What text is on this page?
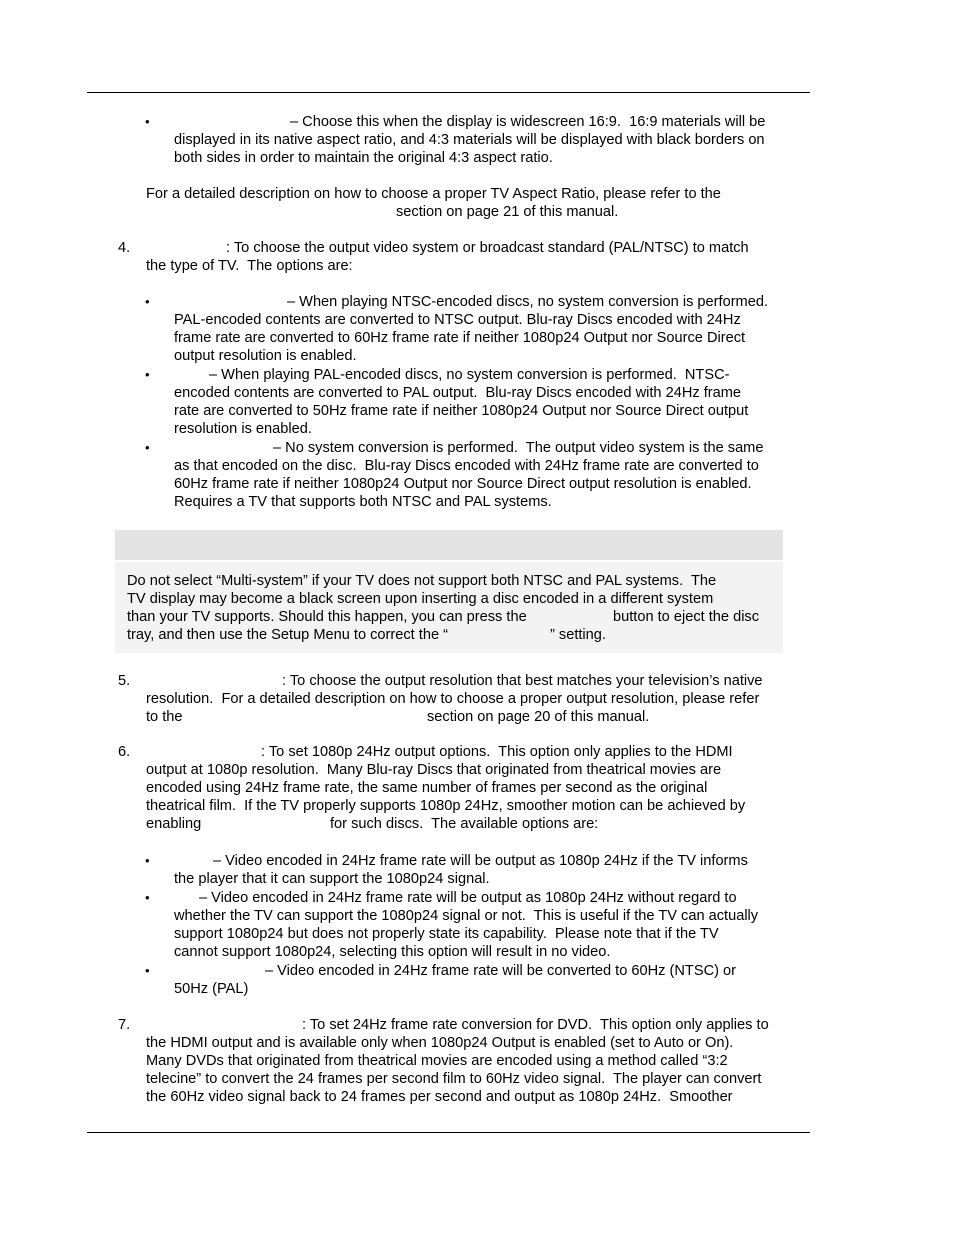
•	– Choose this when the display is widescreen 16:9.  16:9 materials will be
displayed in its native aspect ratio, and 4:3 materials will be displayed with black borders on
both sides in order to maintain the original 4:3 aspect ratio.
For a detailed description on how to choose a proper TV Aspect Ratio, please refer to the
section on page 21 of this manual.
4.	: To choose the output video system or broadcast standard (PAL/NTSC) to match
the type of TV.  The options are:
•	– When playing NTSC-encoded discs, no system conversion is performed.
PAL-encoded contents are converted to NTSC output. Blu-ray Discs encoded with 24Hz
frame rate are converted to 60Hz frame rate if neither 1080p24 Output nor Source Direct
output resolution is enabled.
•	– When playing PAL-encoded discs, no system conversion is performed.  NTSC-
encoded contents are converted to PAL output.  Blu-ray Discs encoded with 24Hz frame
rate are converted to 50Hz frame rate if neither 1080p24 Output nor Source Direct output
resolution is enabled.
•	– No system conversion is performed.  The output video system is the same
as that encoded on the disc.  Blu-ray Discs encoded with 24Hz frame rate are converted to
60Hz frame rate if neither 1080p24 Output nor Source Direct output resolution is enabled.
Requires a TV that supports both NTSC and PAL systems.
Do not select “Multi-system” if your TV does not support both NTSC and PAL systems.  The
TV display may become a black screen upon inserting a disc encoded in a different system
than your TV supports. Should this happen, you can press the	button to eject the disc
tray, and then use the Setup Menu to correct the “	” setting.
5.	: To choose the output resolution that best matches your television’s native
resolution.  For a detailed description on how to choose a proper output resolution, please refer
to the	section on page 20 of this manual.
6.	: To set 1080p 24Hz output options.  This option only applies to the HDMI
output at 1080p resolution.  Many Blu-ray Discs that originated from theatrical movies are
encoded using 24Hz frame rate, the same number of frames per second as the original
theatrical film.  If the TV properly supports 1080p 24Hz, smoother motion can be achieved by
enabling	for such discs.  The available options are:
•	– Video encoded in 24Hz frame rate will be output as 1080p 24Hz if the TV informs
the player that it can support the 1080p24 signal.
•	– Video encoded in 24Hz frame rate will be output as 1080p 24Hz without regard to
whether the TV can support the 1080p24 signal or not.  This is useful if the TV can actually
support 1080p24 but does not properly state its capability.  Please note that if the TV
cannot support 1080p24, selecting this option will result in no video.
•	– Video encoded in 24Hz frame rate will be converted to 60Hz (NTSC) or
50Hz (PAL)
7.	: To set 24Hz frame rate conversion for DVD.  This option only applies to
the HDMI output and is available only when 1080p24 Output is enabled (set to Auto or On).
Many DVDs that originated from theatrical movies are encoded using a method called “3:2
telecine” to convert the 24 frames per second film to 60Hz video signal.  The player can convert
the 60Hz video signal back to 24 frames per second and output as 1080p 24Hz.  Smoother
